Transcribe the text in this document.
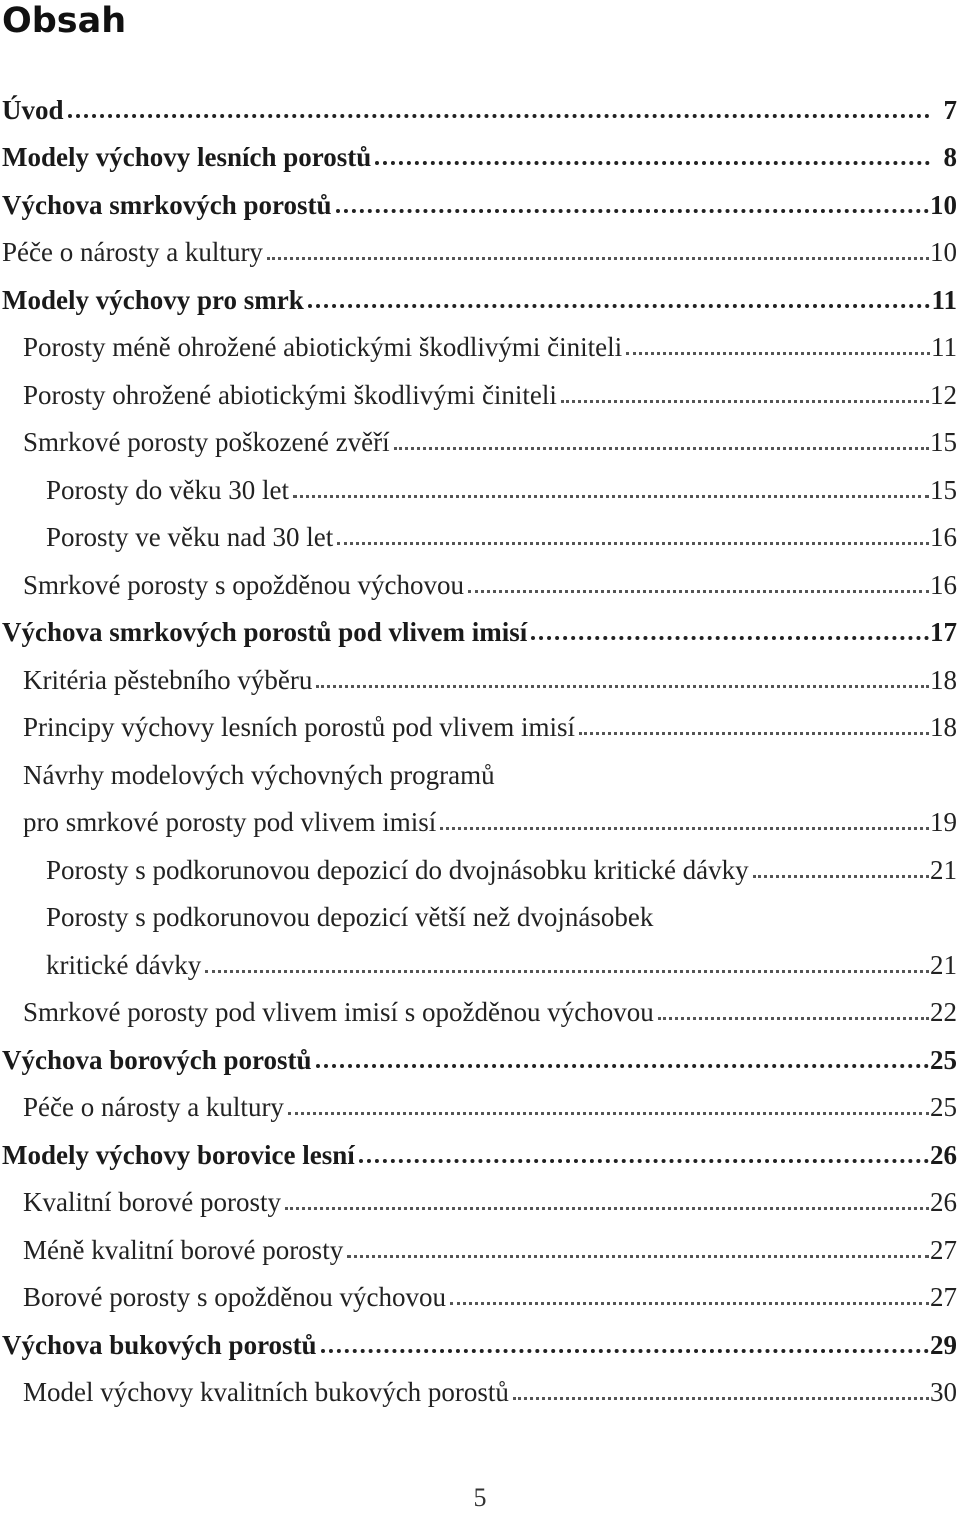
Obsah
Úvod	7
Modely výchovy lesních porostů	8
Výchova smrkových porostů	10
Péče o nárosty a kultury	10
Modely výchovy pro smrk	11
Porosty méně ohrožené abiotickými škodlivými činiteli	11
Porosty ohrožené abiotickými škodlivými činiteli	12
Smrkové porosty poškozené zvěří	15
Porosty do věku 30 let	15
Porosty ve věku nad 30 let	16
Smrkové porosty s opožděnou výchovou	16
Výchova smrkových porostů pod vlivem imisí	17
Kritéria pěstebního výběru	18
Principy výchovy lesních porostů pod vlivem imisí	18
Návrhy modelových výchovných programů
pro smrkové porosty pod vlivem imisí	19
Porosty s podkorunovou depozicí do dvojnásobku kritické dávky	21
Porosty s podkorunovou depozicí větší než dvojnásobek
kritické dávky	21
Smrkové porosty pod vlivem imisí s opožděnou výchovou	22
Výchova borových porostů	25
Péče o nárosty a kultury	25
Modely výchovy borovice lesní	26
Kvalitní borové porosty	26
Méně kvalitní borové porosty	27
Borové porosty s opožděnou výchovou	27
Výchova bukových porostů	29
Model výchovy kvalitních bukových porostů	30
5
